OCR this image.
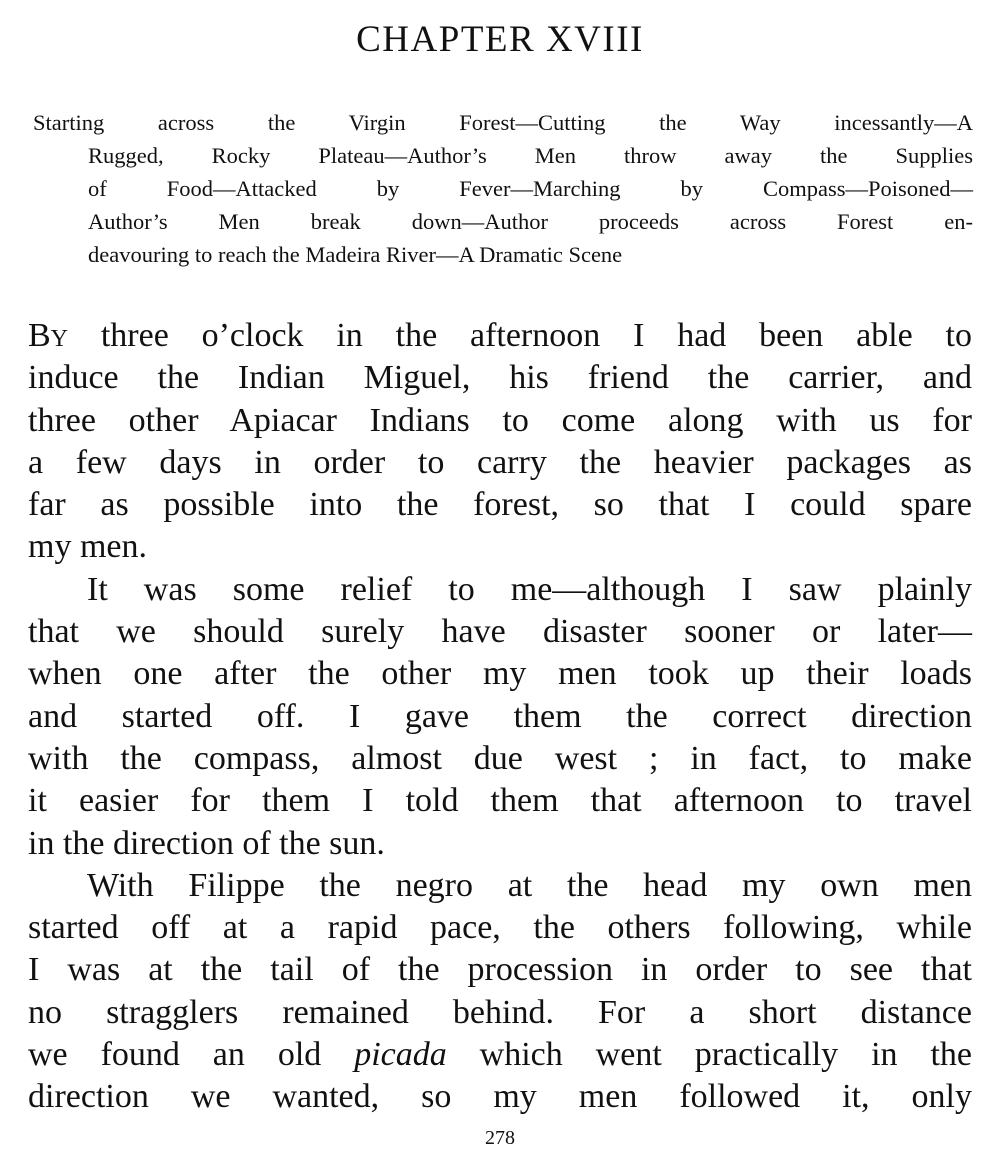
CHAPTER XVIII
Starting across the Virgin Forest—Cutting the Way incessantly—A
Rugged, Rocky Plateau—Author’s Men throw away the Supplies
of Food—Attacked by Fever—Marching by Compass—Poisoned—
Author’s Men break down—Author proceeds across Forest en-
deavouring to reach the Madeira River—A Dramatic Scene
By three o’clock in the afternoon I had been able to
induce the Indian Miguel, his friend the carrier, and
three other Apiacar Indians to come along with us for
a few days in order to carry the heavier packages as
far as possible into the forest, so that I could spare
my men.
It was some relief to me—although I saw plainly
that we should surely have disaster sooner or later—
when one after the other my men took up their loads
and started off. I gave them the correct direction
with the compass, almost due west ; in fact, to make
it easier for them I told them that afternoon to travel
in the direction of the sun.
With Filippe the negro at the head my own men
started off at a rapid pace, the others following, while
I was at the tail of the procession in order to see that
no stragglers remained behind. For a short distance
we found an old picada which went practically in the
direction we wanted, so my men followed it, only
278
